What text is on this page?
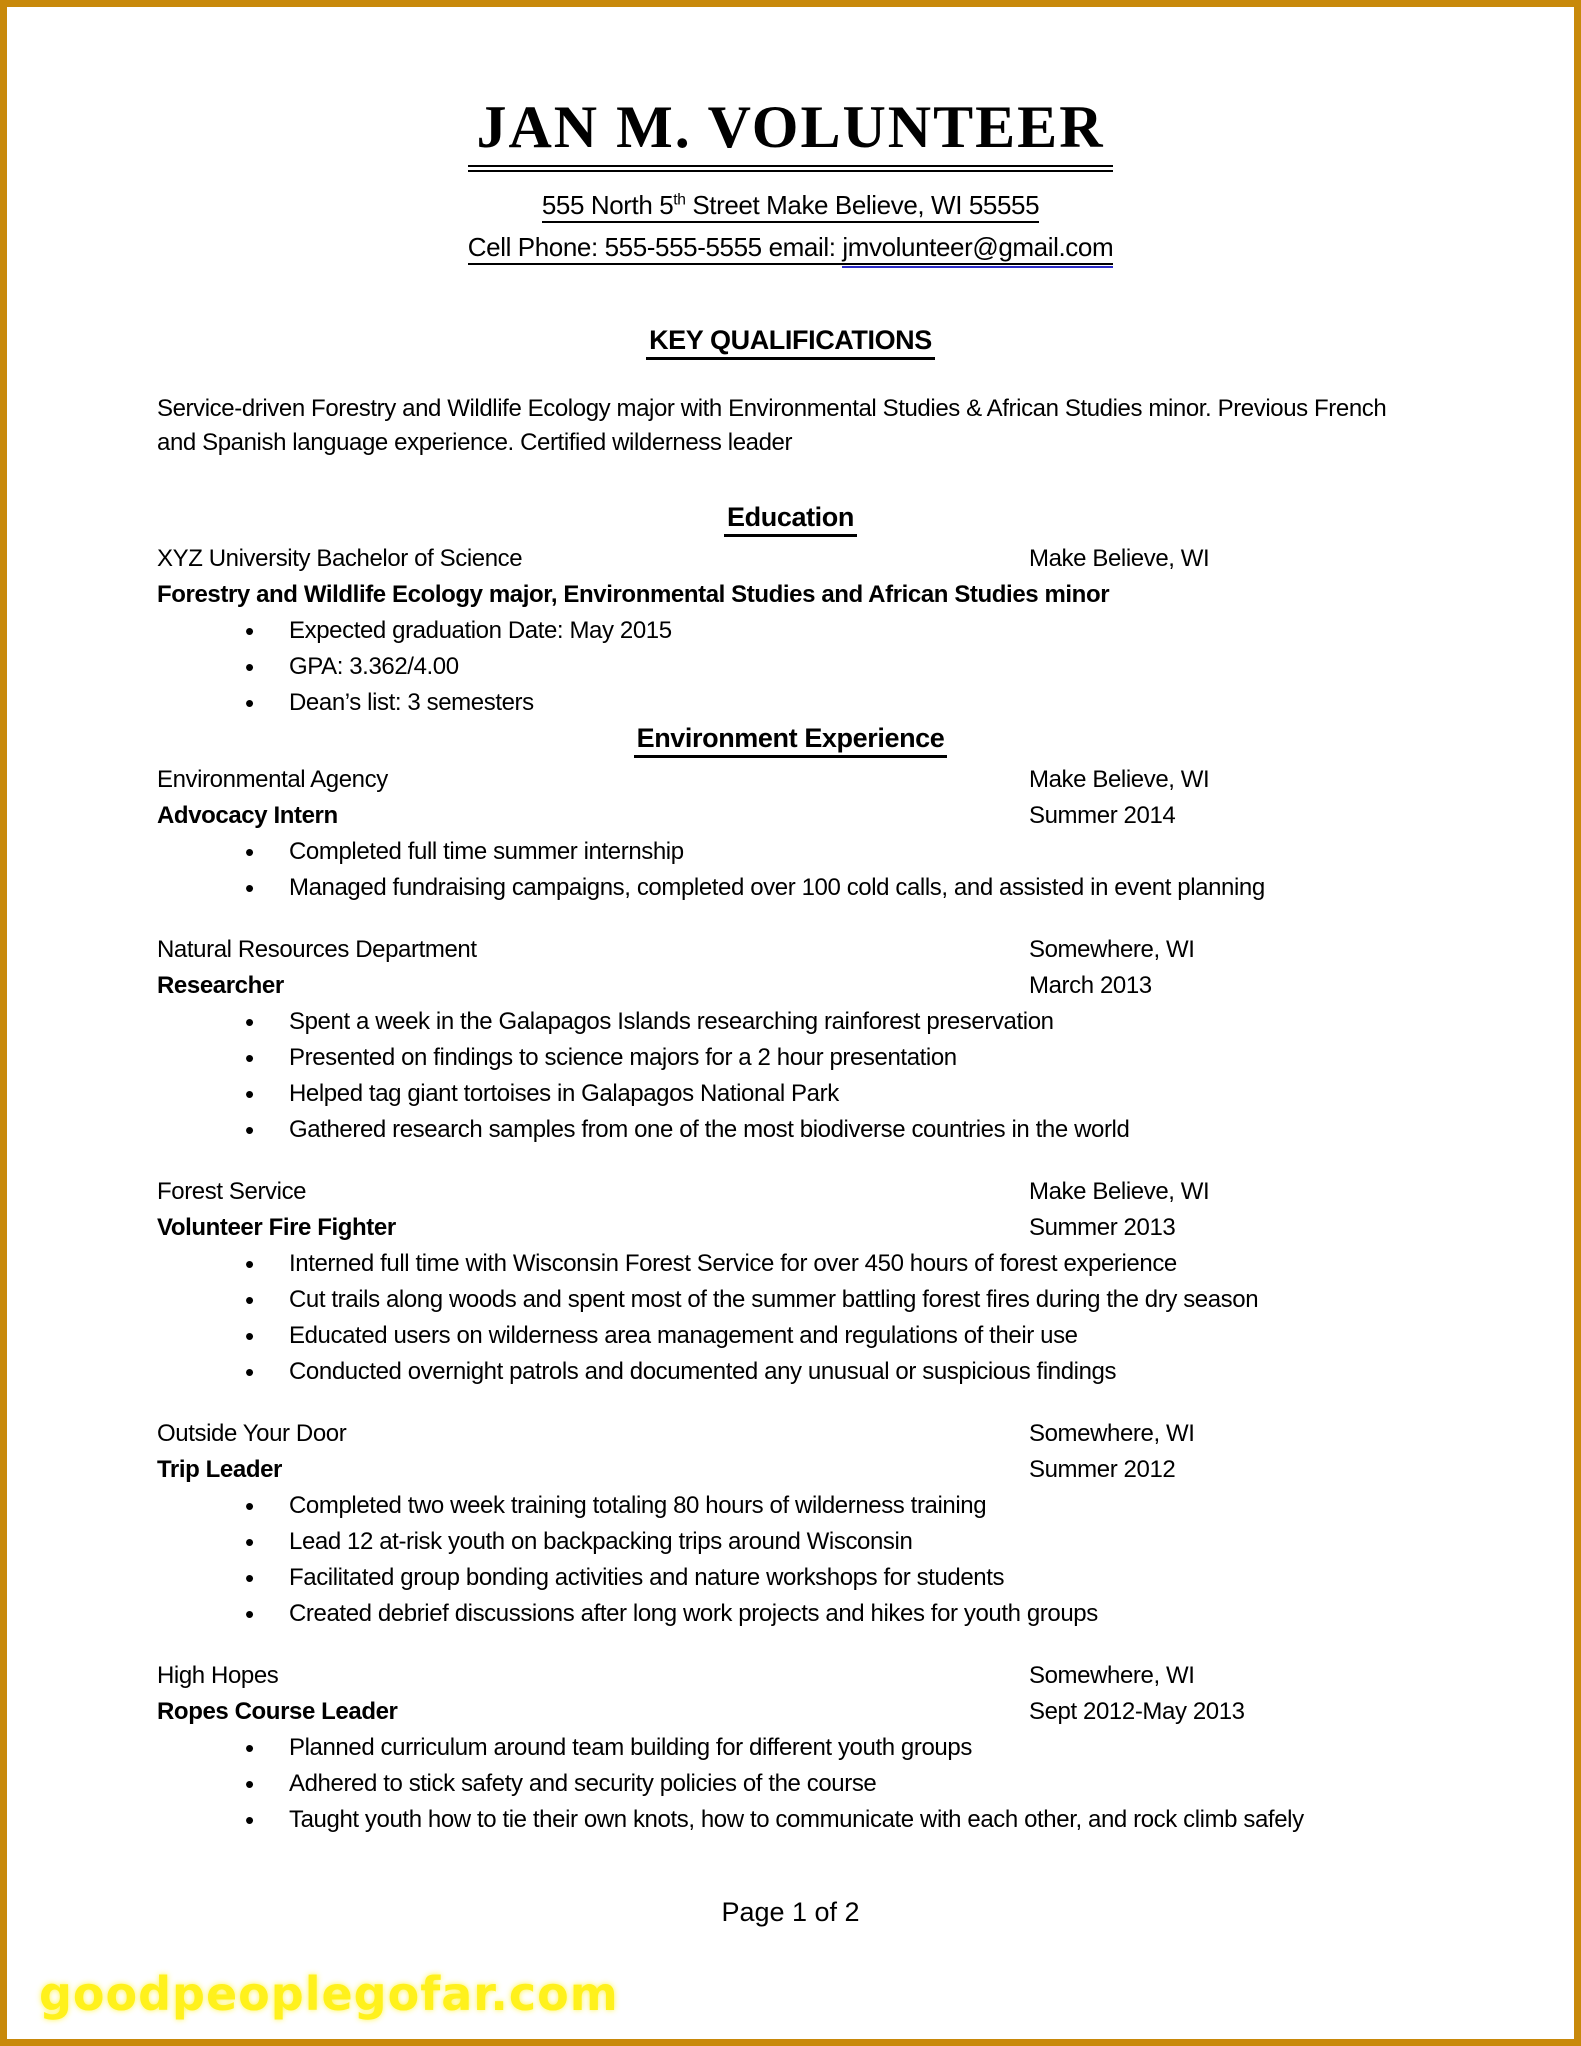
JAN M. VOLUNTEER
555 North 5th Street Make Believe, WI 55555
Cell Phone: 555-555-5555 email: jmvolunteer@gmail.com
KEY QUALIFICATIONS
Service-driven Forestry and Wildlife Ecology major with Environmental Studies & African Studies minor. Previous French and Spanish language experience. Certified wilderness leader
Education
XYZ University Bachelor of Science	Make Believe, WI
Forestry and Wildlife Ecology major, Environmental Studies and African Studies minor
• Expected graduation Date: May 2015
• GPA: 3.362/4.00
• Dean’s list: 3 semesters
Environment Experience
Environmental Agency	Make Believe, WI
Advocacy Intern	Summer 2014
• Completed full time summer internship
• Managed fundraising campaigns, completed over 100 cold calls, and assisted in event planning
Natural Resources Department	Somewhere, WI
Researcher	March 2013
• Spent a week in the Galapagos Islands researching rainforest preservation
• Presented on findings to science majors for a 2 hour presentation
• Helped tag giant tortoises in Galapagos National Park
• Gathered research samples from one of the most biodiverse countries in the world
Forest Service	Make Believe, WI
Volunteer Fire Fighter	Summer 2013
• Interned full time with Wisconsin Forest Service for over 450 hours of forest experience
• Cut trails along woods and spent most of the summer battling forest fires during the dry season
• Educated users on wilderness area management and regulations of their use
• Conducted overnight patrols and documented any unusual or suspicious findings
Outside Your Door	Somewhere, WI
Trip Leader	Summer 2012
• Completed two week training totaling 80 hours of wilderness training
• Lead 12 at-risk youth on backpacking trips around Wisconsin
• Facilitated group bonding activities and nature workshops for students
• Created debrief discussions after long work projects and hikes for youth groups
High Hopes	Somewhere, WI
Ropes Course Leader	Sept 2012-May 2013
• Planned curriculum around team building for different youth groups
• Adhered to stick safety and security policies of the course
• Taught youth how to tie their own knots, how to communicate with each other, and rock climb safely
Page 1 of 2
goodpeoplegofar.com
